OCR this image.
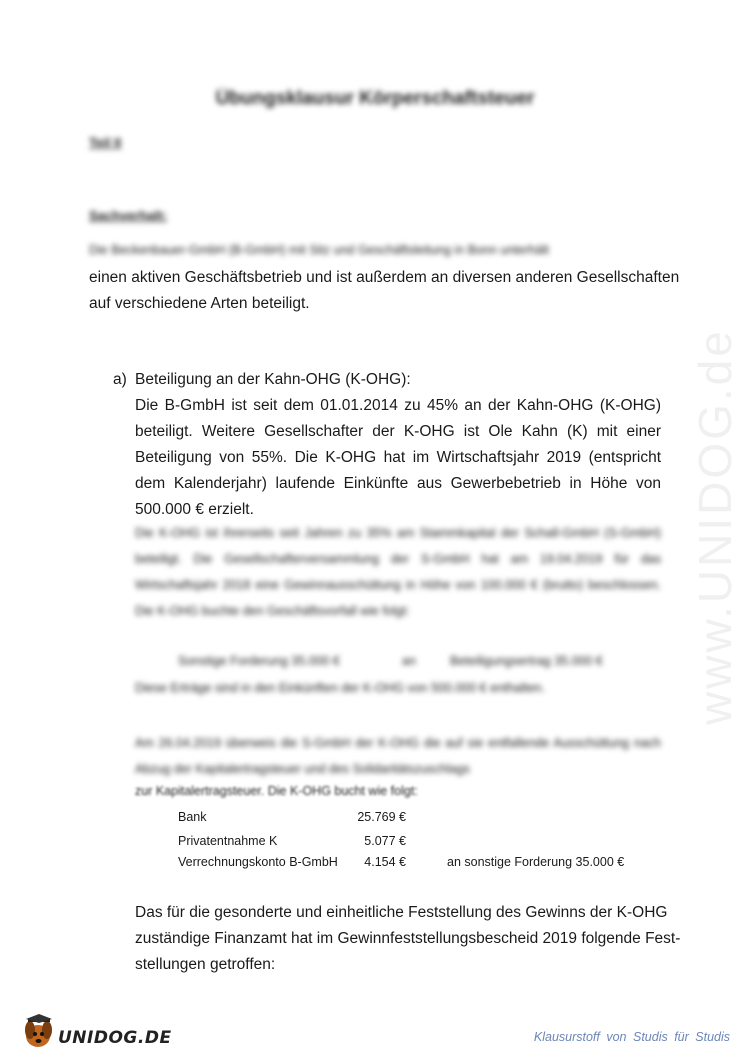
www.UNIDOG.de
Übungsklausur Körperschaftsteuer
Teil II
Sachverhalt:
Die Beckenbauer-GmbH (B-GmbH) mit Sitz und Geschäftsleitung in Bonn unterhält
einen aktiven Geschäftsbetrieb und ist außerdem an diversen anderen Gesellschaften
auf verschiedene Arten beteiligt.
a) Beteiligung an der Kahn-OHG (K-OHG):
Die B-GmbH ist seit dem 01.01.2014 zu 45% an der Kahn-OHG (K-OHG) beteiligt. Weitere Gesellschafter der K-OHG ist Ole Kahn (K) mit einer Beteiligung von 55%. Die K-OHG hat im Wirtschaftsjahr 2019 (entspricht dem Kalenderjahr) laufende Einkünfte aus Gewerbebetrieb in Höhe von 500.000 € erzielt.
Die K-OHG ist ihrerseits seit Jahren zu 35% am Stammkapital der Schall-GmbH (S-GmbH) beteiligt. Die Gesellschafterversammlung der S-GmbH hat am 19.04.2019 für das Wirtschaftsjahr 2018 eine Gewinnausschüttung in Höhe von 100.000 € (brutto) beschlossen. Die K-OHG buchte den Geschäftsvorfall wie folgt:
Sonstige Forderung 35.000 €	an	Beteiligungsertrag 35.000 €
Diese Erträge sind in den Einkünften der K-OHG von 500.000 € enthalten.
Am 26.04.2019 überweis die S-GmbH der K-OHG die auf sie entfallende Ausschüttung nach Abzug der Kapitalertragsteuer und des Solidaritätszuschlags
zur Kapitalertragsteuer. Die K-OHG bucht wie folgt:
Bank	25.769 €
Privatentnahme K	5.077 €
Verrechnungskonto B-GmbH	4.154 €	an sonstige Forderung 35.000 €
Das für die gesonderte und einheitliche Feststellung des Gewinns der K-OHG
zuständige Finanzamt hat im Gewinnfeststellungsbescheid 2019 folgende Fest-
stellungen getroffen:
UNIDOG.DE	Klausurstoff von Studis für Studis
